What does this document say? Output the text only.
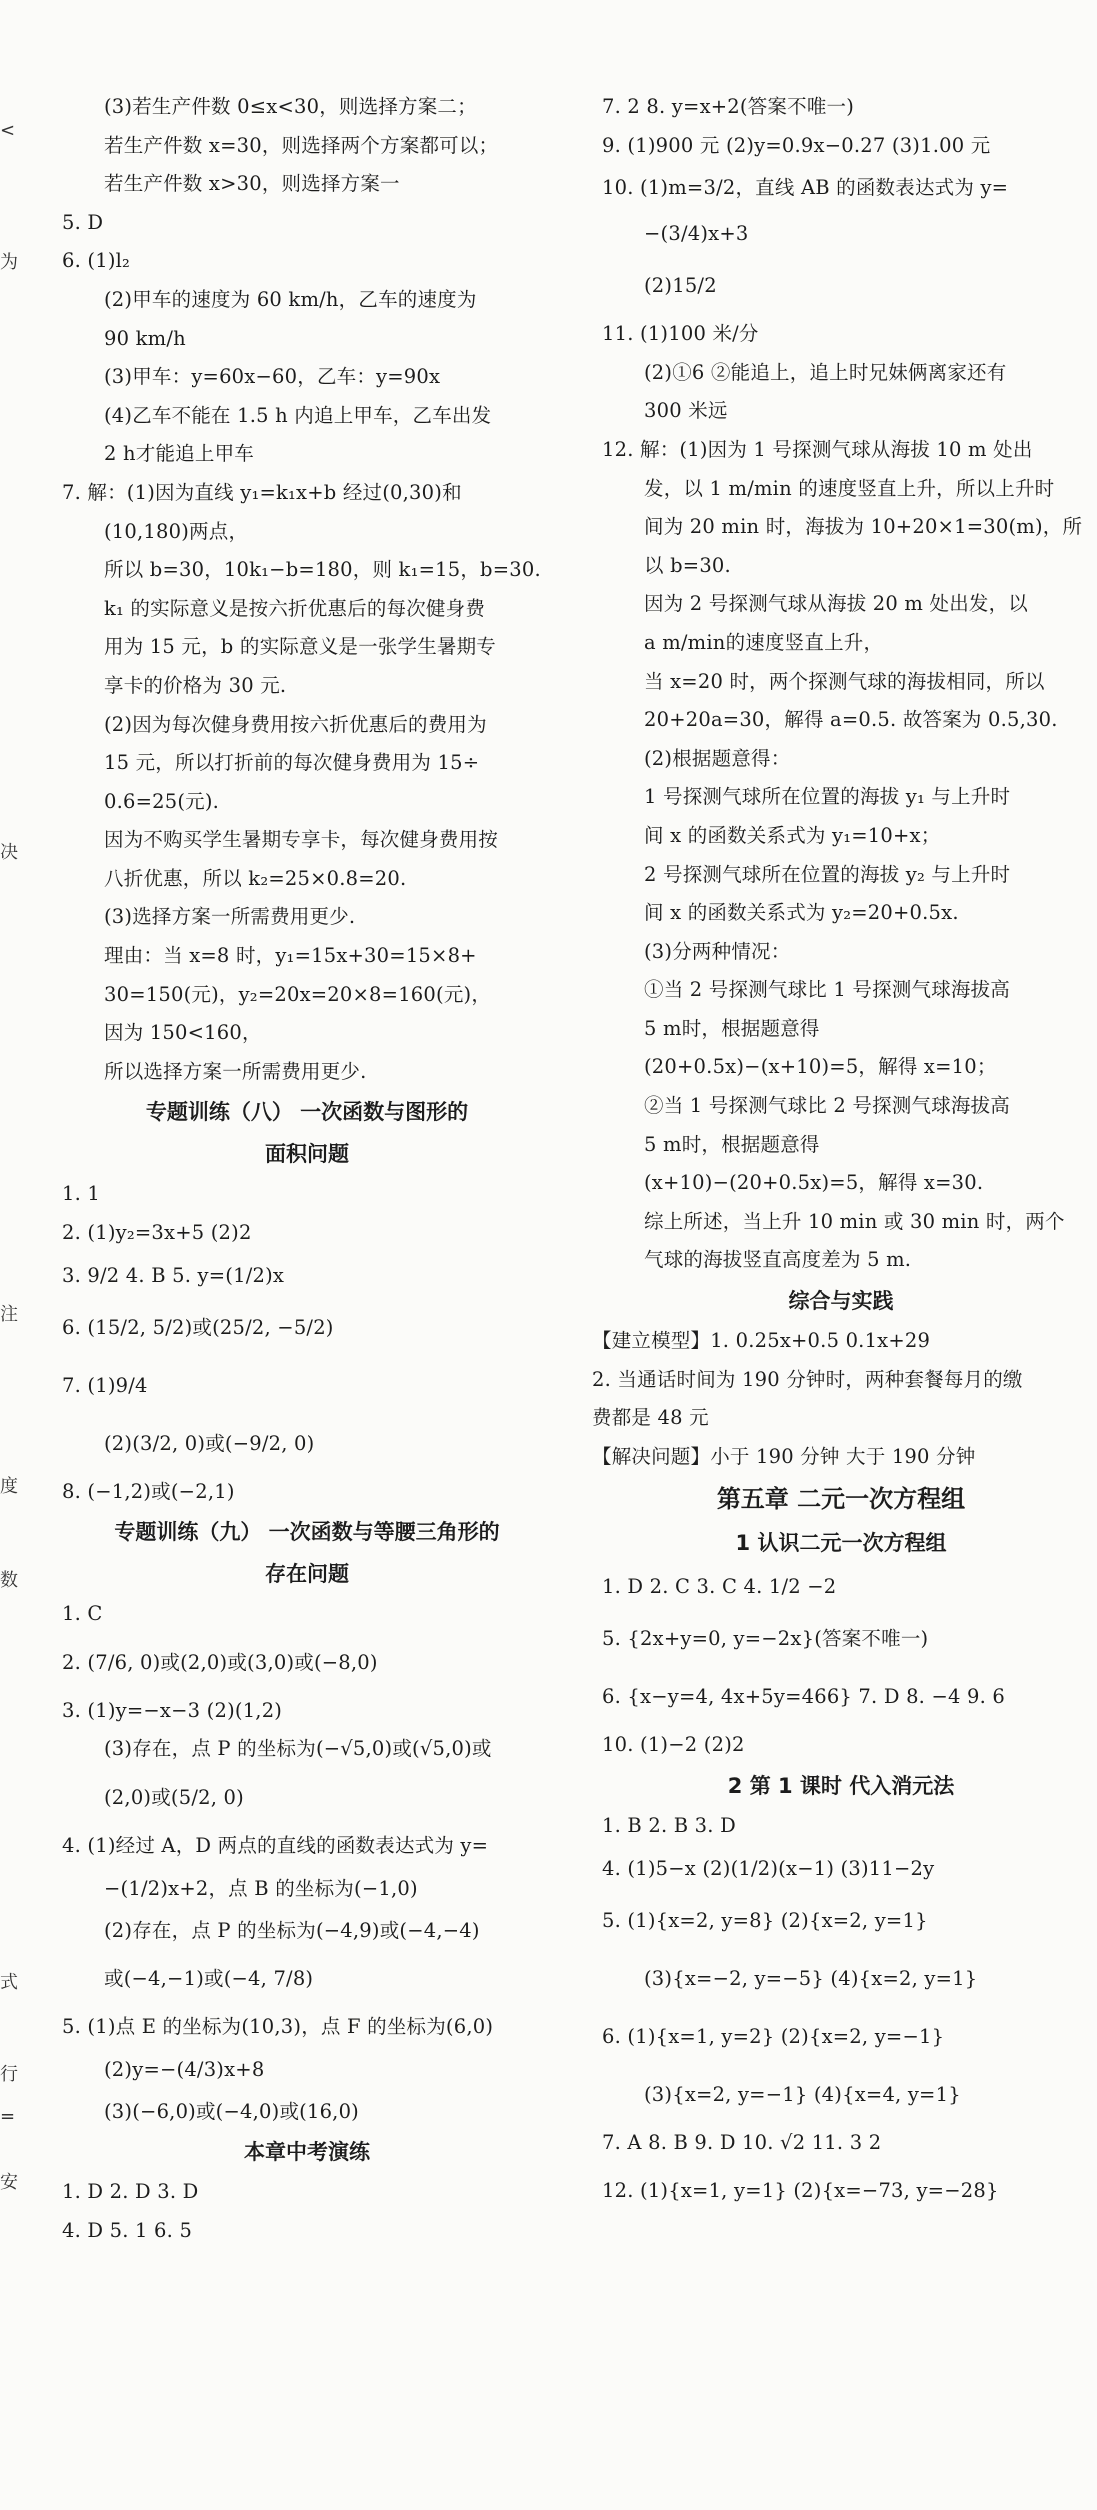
(3)若生产件数 0≤x<30，则选择方案二；
若生产件数 x=30，则选择两个方案都可以；
若生产件数 x>30，则选择方案一
5. D
6. (1)l₂
(2)甲车的速度为 60 km/h，乙车的速度为
90 km/h
(3)甲车：y=60x−60，乙车：y=90x
(4)乙车不能在 1.5 h 内追上甲车，乙车出发
2 h才能追上甲车
7. 解：(1)因为直线 y₁=k₁x+b 经过(0,30)和
(10,180)两点，
所以 b=30，10k₁−b=180，则 k₁=15，b=30.
k₁ 的实际意义是按六折优惠后的每次健身费
用为 15 元，b 的实际意义是一张学生暑期专
享卡的价格为 30 元.
(2)因为每次健身费用按六折优惠后的费用为
15 元，所以打折前的每次健身费用为 15÷
0.6=25(元).
因为不购买学生暑期专享卡，每次健身费用按
八折优惠，所以 k₂=25×0.8=20.
(3)选择方案一所需费用更少.
理由：当 x=8 时，y₁=15x+30=15×8+
30=150(元)，y₂=20x=20×8=160(元)，
因为 150<160，
所以选择方案一所需费用更少.
专题训练（八） 一次函数与图形的
面积问题
1. 1
2. (1)y₂=3x+5 (2)2
3. 9/2 4. B 5. y=(1/2)x
6. (15/2, 5/2)或(25/2, −5/2)
7. (1)9/4
(2)(3/2, 0)或(−9/2, 0)
8. (−1,2)或(−2,1)
专题训练（九） 一次函数与等腰三角形的
存在问题
1. C
2. (7/6, 0)或(2,0)或(3,0)或(−8,0)
3. (1)y=−x−3 (2)(1,2)
(3)存在，点 P 的坐标为(−√5,0)或(√5,0)或
(2,0)或(5/2, 0)
4. (1)经过 A，D 两点的直线的函数表达式为 y=
−(1/2)x+2，点 B 的坐标为(−1,0)
(2)存在，点 P 的坐标为(−4,9)或(−4,−4)
或(−4,−1)或(−4, 7/8)
5. (1)点 E 的坐标为(10,3)，点 F 的坐标为(6,0)
(2)y=−(4/3)x+8
(3)(−6,0)或(−4,0)或(16,0)
本章中考演练
1. D 2. D 3. D
4. D 5. 1 6. 5
7. 2 8. y=x+2(答案不唯一)
9. (1)900 元 (2)y=0.9x−0.27 (3)1.00 元
10. (1)m=3/2，直线 AB 的函数表达式为 y=
−(3/4)x+3
(2)15/2
11. (1)100 米/分
(2)①6 ②能追上，追上时兄妹俩离家还有
300 米远
12. 解：(1)因为 1 号探测气球从海拔 10 m 处出
发，以 1 m/min 的速度竖直上升，所以上升时
间为 20 min 时，海拔为 10+20×1=30(m)，所
以 b=30.
因为 2 号探测气球从海拔 20 m 处出发，以
a m/min的速度竖直上升，
当 x=20 时，两个探测气球的海拔相同，所以
20+20a=30，解得 a=0.5. 故答案为 0.5,30.
(2)根据题意得：
1 号探测气球所在位置的海拔 y₁ 与上升时
间 x 的函数关系式为 y₁=10+x；
2 号探测气球所在位置的海拔 y₂ 与上升时
间 x 的函数关系式为 y₂=20+0.5x.
(3)分两种情况：
①当 2 号探测气球比 1 号探测气球海拔高
5 m时，根据题意得
(20+0.5x)−(x+10)=5，解得 x=10；
②当 1 号探测气球比 2 号探测气球海拔高
5 m时，根据题意得
(x+10)−(20+0.5x)=5，解得 x=30.
综上所述，当上升 10 min 或 30 min 时，两个
气球的海拔竖直高度差为 5 m.
综合与实践
【建立模型】1. 0.25x+0.5 0.1x+29
2. 当通话时间为 190 分钟时，两种套餐每月的缴
费都是 48 元
【解决问题】小于 190 分钟 大于 190 分钟
第五章 二元一次方程组
1 认识二元一次方程组
1. D 2. C 3. C 4. 1/2 −2
5. {2x+y=0, y=−2x}(答案不唯一)
6. {x−y=4, 4x+5y=466} 7. D 8. −4 9. 6
10. (1)−2 (2)2
2 第 1 课时 代入消元法
1. B 2. B 3. D
4. (1)5−x (2)(1/2)(x−1) (3)11−2y
5. (1){x=2, y=8} (2){x=2, y=1}
(3){x=−2, y=−5} (4){x=2, y=1}
6. (1){x=1, y=2} (2){x=2, y=−1}
(3){x=2, y=−1} (4){x=4, y=1}
7. A 8. B 9. D 10. √2 11. 3 2
12. (1){x=1, y=1} (2){x=−73, y=−28}
<
为
决
注
度
数
式
行
=
安
